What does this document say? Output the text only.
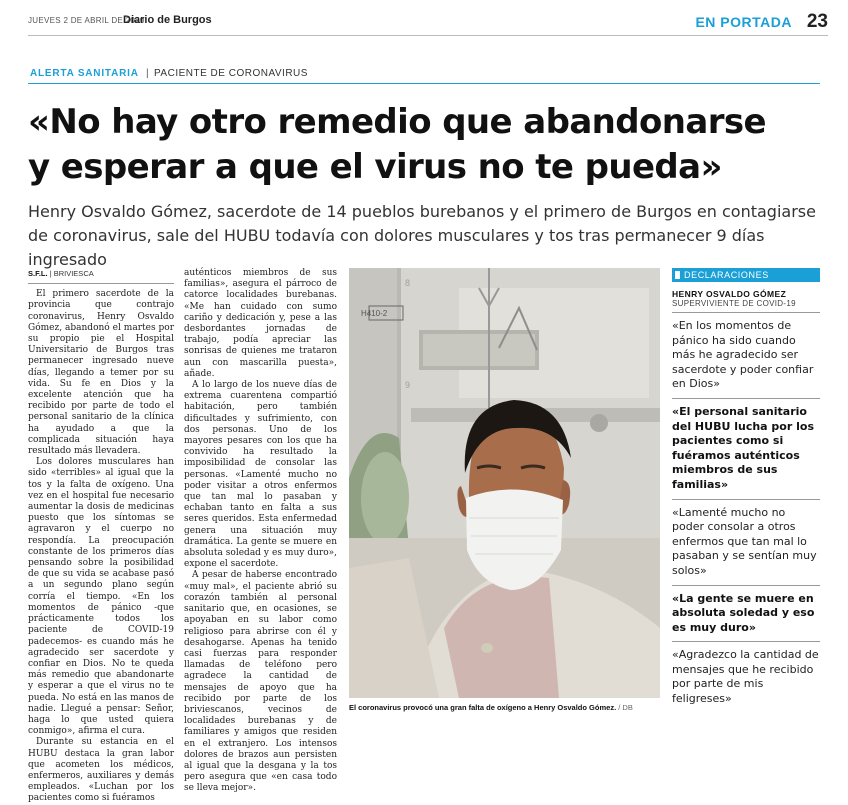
JUEVES 2 DE ABRIL DE 2020
Diario de Burgos	EN PORTADA 23
ALERTA SANITARIA | PACIENTE DE CORONAVIRUS
«No hay otro remedio que abandonarse
y esperar a que el virus no te pueda»

Henry Osvaldo Gómez, sacerdote de 14 pueblos burebanos y el primero de Burgos en contagiarse de coronavirus, sale del HUBU todavía con dolores musculares y tos tras permanecer 9 días ingresado

S.F.L. | BRIVIESCA

El primero sacerdote de la provincia que contrajo coronavirus, Henry Osvaldo Gómez, abandonó el martes por su propio pie el Hospital Universitario de Burgos tras permanecer ingresado nueve días, llegando a temer por su vida. Su fe en Dios y la excelente atención que ha recibido por parte de todo el personal sanitario de la clínica ha ayudado a que la complicada situación haya resultado más llevadera.

Los dolores musculares han sido «terribles» al igual que la tos y la falta de oxígeno. Una vez en el hospital fue necesario aumentar la dosis de medicinas puesto que los síntomas se agravaron y el cuerpo no respondía. La preocupación constante de los primeros días pensando sobre la posibilidad de que su vida se acabase pasó a un segundo plano según corría el tiempo. «En los momentos de pánico -que prácticamente todos los paciente de COVID-19 padecemos- es cuando más he agradecido ser sacerdote y confiar en Dios. No te queda más remedio que abandonarte y esperar a que el virus no te pueda. No está en las manos de nadie. Llegué a pensar: Señor, haga lo que usted quiera conmigo», afirma el cura.

Durante su estancia en el HUBU destaca la gran labor que acometen los médicos, enfermeros, auxiliares y demás empleados. «Luchan por los pacientes como si fuéramos

auténticos miembros de sus familias», asegura el párroco de catorce localidades burebanas. «Me han cuidado con sumo cariño y dedicación y, pese a las desbordantes jornadas de trabajo, podía apreciar las sonrisas de quienes me trataron aun con mascarilla puesta», añade.

A lo largo de los nueve días de extrema cuarentena compartió habitación, pero también dificultades y sufrimiento, con dos personas. Uno de los mayores pesares con los que ha convivido ha resultado la imposibilidad de consolar las personas. «Lamenté mucho no poder visitar a otros enfermos que tan mal lo pasaban y echaban tanto en falta a sus seres queridos. Esta enfermedad genera una situación muy dramática. La gente se muere en absoluta soledad y es muy duro», expone el sacerdote.

A pesar de haberse encontrado «muy mal», el paciente abrió su corazón también al personal sanitario que, en ocasiones, se apoyaban en su labor como religioso para abrirse con él y desahogarse. Apenas ha tenido casi fuerzas para responder llamadas de teléfono pero agradece la cantidad de mensajes de apoyo que ha recibido por parte de los briviescanos, vecinos de localidades burebanas y de familiares y amigos que residen en el extranjero. Los intensos dolores de brazos aun persisten al igual que la desgana y la tos pero asegura que «en casa todo se lleva mejor».

H410-2
8
9

El coronavirus provocó una gran falta de oxígeno a Henry Osvaldo Gómez. / DB

DECLARACIONES
HENRY OSVALDO GÓMEZ
SUPERVIVIENTE DE COVID-19

«En los momentos de pánico ha sido cuando más he agradecido ser sacerdote y poder confiar en Dios»

«El personal sanitario del HUBU lucha por los pacientes como si fuéramos auténticos miembros de sus familias»

«Lamenté mucho no poder consolar a otros enfermos que tan mal lo pasaban y se sentían muy solos»

«La gente se muere en absoluta soledad y eso es muy duro»

«Agradezco la cantidad de mensajes que he recibido por parte de mis feligreses»
